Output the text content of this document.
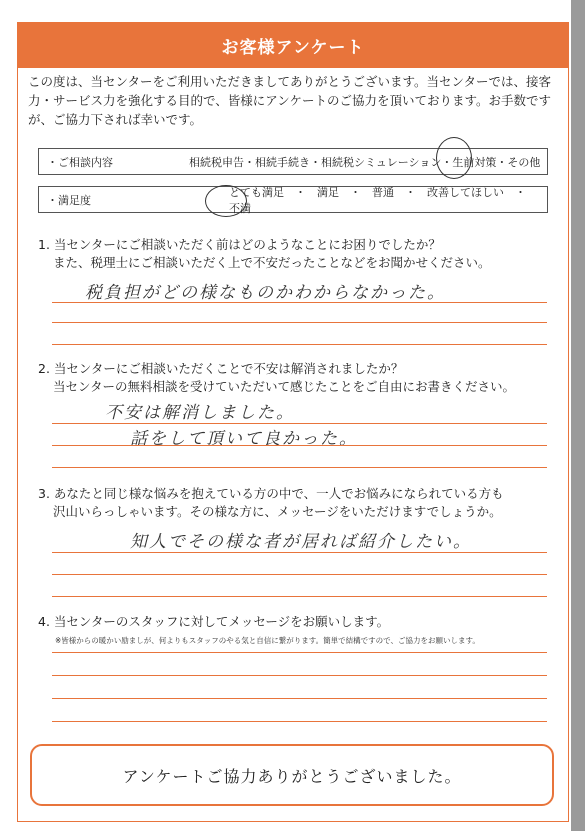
お客様アンケート
この度は、当センターをご利用いただきましてありがとうございます。当センターでは、接客力・サービス力を強化する目的で、皆様にアンケートのご協力を頂いております。お手数ですが、ご協力下されば幸いです。
・ご相談内容	相続税申告・相続手続き・相続税シミュレーション・生前対策・その他
・満足度
とても満足　・　満足　・　普通　・　改善してほしい　・　不満
1. 当センターにご相談いただく前はどのようなことにお困りでしたか？
また、税理士にご相談いただく上で不安だったことなどをお聞かせください。
税負担がどの様なものかわからなかった。
2. 当センターにご相談いただくことで不安は解消されましたか？
当センターの無料相談を受けていただいて感じたことをご自由にお書きください。
不安は解消しました。
話をして頂いて良かった。
3. あなたと同じ様な悩みを抱えている方の中で、一人でお悩みになられている方も
沢山いらっしゃいます。その様な方に、メッセージをいただけますでしょうか。
知人でその様な者が居れば紹介したい。
4. 当センターのスタッフに対してメッセージをお願いします。
※皆様からの暖かい励ましが、何よりもスタッフのやる気と自信に繋がります。簡単で結構ですので、ご協力をお願いします。
アンケートご協力ありがとうございました。
